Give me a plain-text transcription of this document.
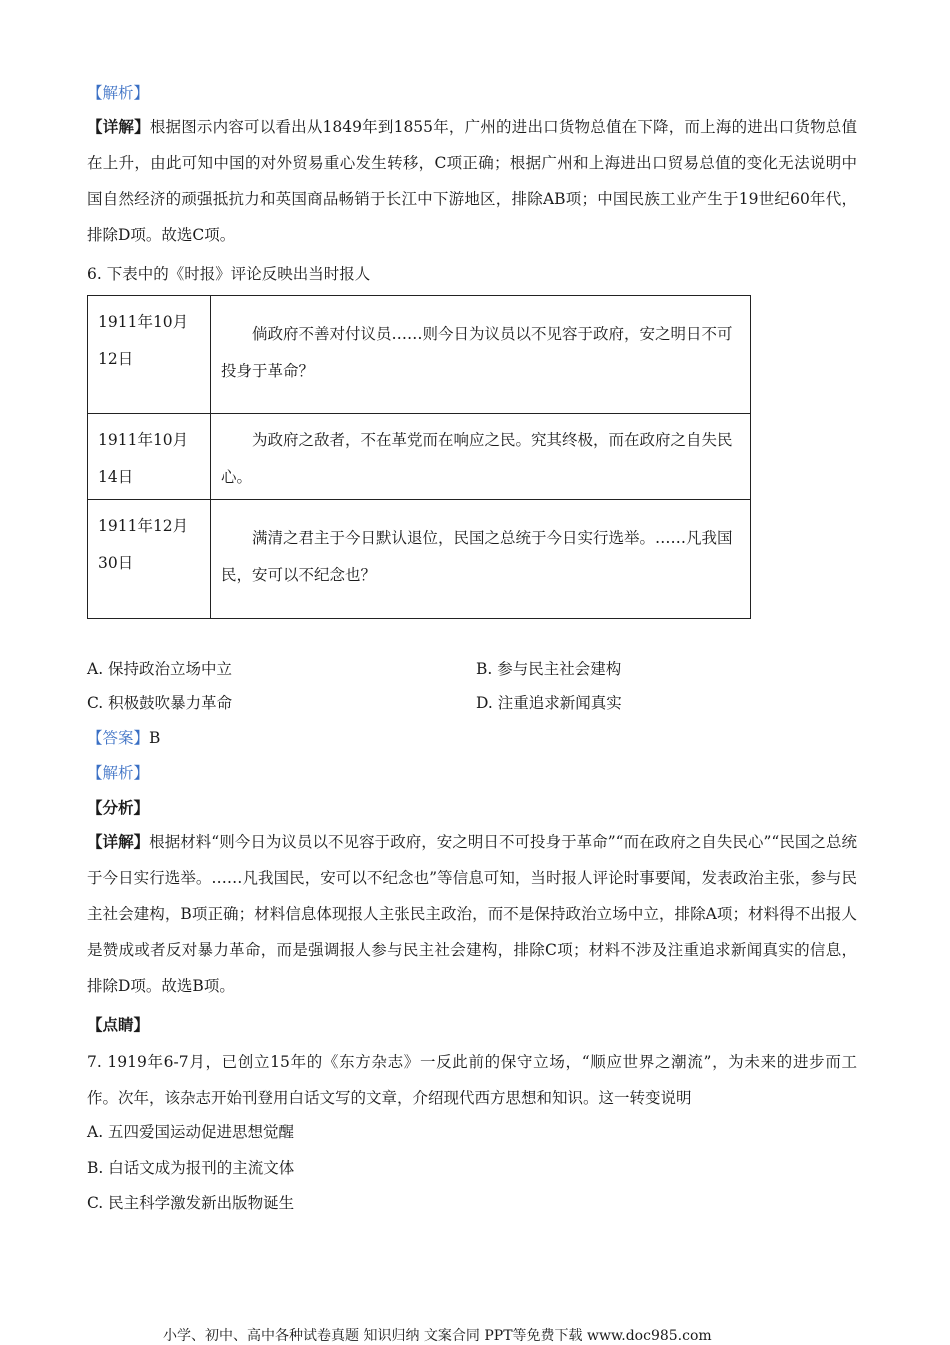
【解析】
【详解】根据图示内容可以看出从1849年到1855年，广州的进出口货物总值在下降，而上海的进出口货物总值在上升，由此可知中国的对外贸易重心发生转移，C项正确；根据广州和上海进出口贸易总值的变化无法说明中国自然经济的顽强抵抗力和英国商品畅销于长江中下游地区，排除AB项；中国民族工业产生于19世纪60年代，排除D项。故选C项。
6. 下表中的《时报》评论反映出当时报人
1911年10月12日	倘政府不善对付议员……则今日为议员以不见容于政府，安之明日不可投身于革命？
1911年10月14日	为政府之敌者，不在革党而在响应之民。究其终极，而在政府之自失民心。
1911年12月30日	满清之君主于今日默认退位，民国之总统于今日实行选举。……凡我国民，安可以不纪念也？
A. 保持政治立场中立	B. 参与民主社会建构
C. 积极鼓吹暴力革命	D. 注重追求新闻真实
【答案】B
【解析】
【分析】
【详解】根据材料“则今日为议员以不见容于政府，安之明日不可投身于革命”“而在政府之自失民心”“民国之总统于今日实行选举。……凡我国民，安可以不纪念也”等信息可知，当时报人评论时事要闻，发表政治主张，参与民主社会建构，B项正确；材料信息体现报人主张民主政治，而不是保持政治立场中立，排除A项；材料得不出报人是赞成或者反对暴力革命，而是强调报人参与民主社会建构，排除C项；材料不涉及注重追求新闻真实的信息，排除D项。故选B项。
【点睛】
7. 1919年6-7月，已创立15年的《东方杂志》一反此前的保守立场，“顺应世界之潮流”，为未来的进步而工作。次年，该杂志开始刊登用白话文写的文章，介绍现代西方思想和知识。这一转变说明
A. 五四爱国运动促进思想觉醒
B. 白话文成为报刊的主流文体
C. 民主科学激发新出版物诞生
小学、初中、高中各种试卷真题 知识归纳 文案合同 PPT等免费下载 www.doc985.com
